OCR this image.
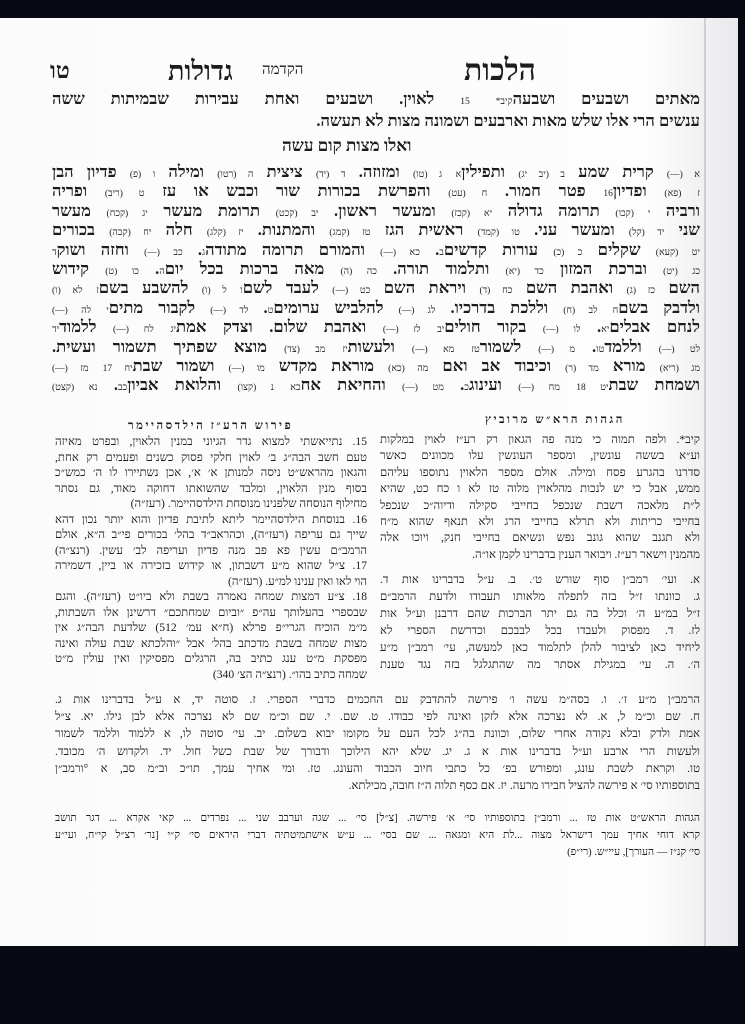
הלכות
הקדמה
גדולות
טו
מאתים ושבעים ושבעהקיב* 15 לאוין. ושבעים ואחת עבירות שבמיתות ששה
ענשים הרי אלו שלש מאות וארבעים ושמונה מצות לא תעשה.
ואלו מצות קום עשה
א (—) קרית שמע ב (יב יג) ותפיליןא ג (טו) ומזוזה. ד (יד) ציצית ה (רטו) ומילה ו (פ) פדיון הבן
ז (פא) ופדיון16 פטר חמור. ח (עט) והפרשת בכורות שור וכבש או עז ט (ריב) ופריה
ורביה י (קכו) תרומה גדולה יא (קכז) ומעשר ראשון. יב (קכט) תרומת מעשר יג (קכח) מעשר
שני יד (קל) ומעשר עני. טו (קמד) ראשית הגז טז (קמג) והמתנות. יז (קלג) חלה יח (קכה) בכורים
יט (קעא) שקלים כ (כ) עורות קדשיםב. כא (—) והמורם תרומה מתודהג. כב (—) וחזה ושוקד
כג (יט) וברכת המזון כד (יא) ותלמוד תורה. כה (ה) מאה ברכות בכל יוםה. כו (ט) קידוש
השם כז (ג) ואהבת השם כח (ד) ויראת השם כט (—) לעבד לשםו ל (ו) להשבע בשםז לא (ו)
ולדבק בשםח לב (ח) וללכת בדרכיו. לג (—) להלביש ערומיםט. לד (—) לקבור מתיםי לה (—)
לנחם אבליםיא. לו (—) בקור חוליםיב לז (—) ואהבת שלום. וצדק אמתיג לח (—) ללמודיד
לט (—) וללמדטו. מ (—) לשמורטז מא (—) ולעשותיז מב (צד) מוצא שפתיך תשמור ועשית.
מג (ריא) מורא מד (ר) וכיבוד אב ואם מה (כא) מוראת מקדש מו (—) ושמור שבתיח 17 מז (—)
ושמחת שבתיט 18 מח (—) ועינוגכ. מט (—) והחיאת אחכא נ (קצו) והלואת אביוןכב. נא (קצט)
פירוש הרע״ז הילדסהיימר
15. נתייאשתי למצוא גדר הגיוני במנין הלאוין, ובפרט מאיזה
טעם חשב הבה״ג ב׳ לאוין חלקי פסוק כשנים ופעמים רק אחת,
והגאון מהראש״ט ניסה למנותן א׳ א׳, אכן נשתיירו לו ה׳ כמש״כ
בסוף מנין הלאוין, ומלבד שהשואתו דחוקה מאוד, גם נסתר
מחילוף הנוסחה שלפנינו מנוסחת הילדסהיימר. (רעז״ה)
16. בנוסחת הילדסהיימר ליתא לתיבת פדיון והוא יותר נכון דהא
שייך גם עריפה (רעז״ה), וכהראב״ד בהל׳ בכורים פי״ב ה״א, אולם
הרמב״ם עשין פא פב מנה פדיון ועריפה לב׳ עשין. (רנצ״ה)
17. צ״ל שהוא מ״ע דשבתון, או קידוש בזכירה או ביין, דשמירה
הוי לאו ואין ענינו למ״ע. (רעז״ה)
18. צ״ע דמצות שמחה נאמרה בשבת ולא ביו״ט (רעז״ה). והגם
שבספרי בהעלותך עה״פ ״וביום שמחתכם״ דרשינן אלו השבתות,
מ״מ הוכיח הגרי״פ פרלא (ח״א עמ׳ 512) שלדעת הבה״ג אין
מצות שמחה בשבת מדכתב בהל׳ אבל ״והלכתא שבת עולה ואינה
מפסקת מ״ט ענג כתיב בה, הרגלים מפסיקין ואין עולין מ״ט
שמחה כתיב בהו״. (רנצ״ה הצ׳ 340)
הגהות הרא״ש מרוביץ
קיב*. ולפה תמוה כי מנה פה הגאון רק רע״ז לאוין במלקות
וע״א בששה עונשין, ומספר העונשין עלו מכוונים כאשר
סדרנו בהגרע פסח ומילה. אולם מספר הלאוין נתוספו עליהם
ממש, אבל כי יש לנכות מהלאוין מלוה טז לא ו כח כט, שהיא
ל״ת מלאכה דשבת שנכפל בחייבי סקילה ודיוה״כ שנכפל
בחייבי כריתות ולא תרלא בחייבי הרג ולא תנאף שהוא מ״ח
ולא תגנב שהוא גונב נפש ונשיאם בחייבי חנק, ויוכו אלה
מהמנין וישאר רע״ז. ויבואר הענין בדברינו לקמן או״ה.
א. ועי׳ רמב״ן סוף שורש ט׳. ב. ע״ל בדברינו אות ד.
ג. כוונתו ז״ל בזה לתפלה מלאותו תעבודו ולדעת הרמב״ם
ז״ל במ״ע ה׳ וכלל בה גם יתר הברכות שהם דרבנן וע״ל אות
לז. ד. מפסוק ולעבדו בכל לבבכם וכדרשת הספרי לא
ליחיד כאן לציבור להלן לתלמוד כאן למעשה, עי׳ רמב״ן מ״ע
ה׳. ה. עי׳ במגילת אסתר מה שהתגלגל בזה נגד טענת
הרמב״ן מ״ע ז׳. ו. בסה״מ עשה ו׳ פירשה להתדבק עם החכמים כדברי הספרי. ז. סוטה יד, א ע״ל בדברינו אות ג.
ח. שם וכ״מ ל, א. לא נצרכה אלא לזקן ואינה לפי כבודו. ט. שם. י. שם וכ״מ שם לא נצרכה אלא לבן גילו. יא. צ״ל
אמת ולדק ובלא נקודה אחרי שלום, וכוונת בה״ג לכל העם על מקומו יבוא בשלום. יב. עי׳ סוטה לו, א ללמוד וללמד לשמור
ולעשות הרי ארבע וע״ל בדברינו אות א ג. יג. שלא יהא הילוכך ודבורך של שבת כשל חול. יד. ולקדוש ה׳ מכובד.
טו. וקראת לשבת עונג, ומפורש בפ׳ כל כתבי חיוב הכבוד והעונג. טז. ומי אחיך עמך, תו״כ וב״מ סב, א °ורמב״ן
בתוספותיו סי׳ א פירשה להציל חבירו מרעה. יז. אם כסף תלוה ה״ז חובה, מכילתא.
הגהות הראש״ט אות טז ... ורמב״ן בתוספותיו סי׳ א׳ פירשה. [צ״ל] סי׳ ... שגה וערבב שני ... נפרדים ... קאי אקרא ... דגר תושב
קרא דוחי אחיך עמך דישראל מצוה ...לת היא ומגאה ... שם בסי׳ ... ע״ש אישתמיטתיה דברי היראים סי׳ ק״י [נר׳ רצ״ל קי״ח, ועי״ע
סי׳ קנ״ז — העורך], עיי״ש. (רי״פ)
